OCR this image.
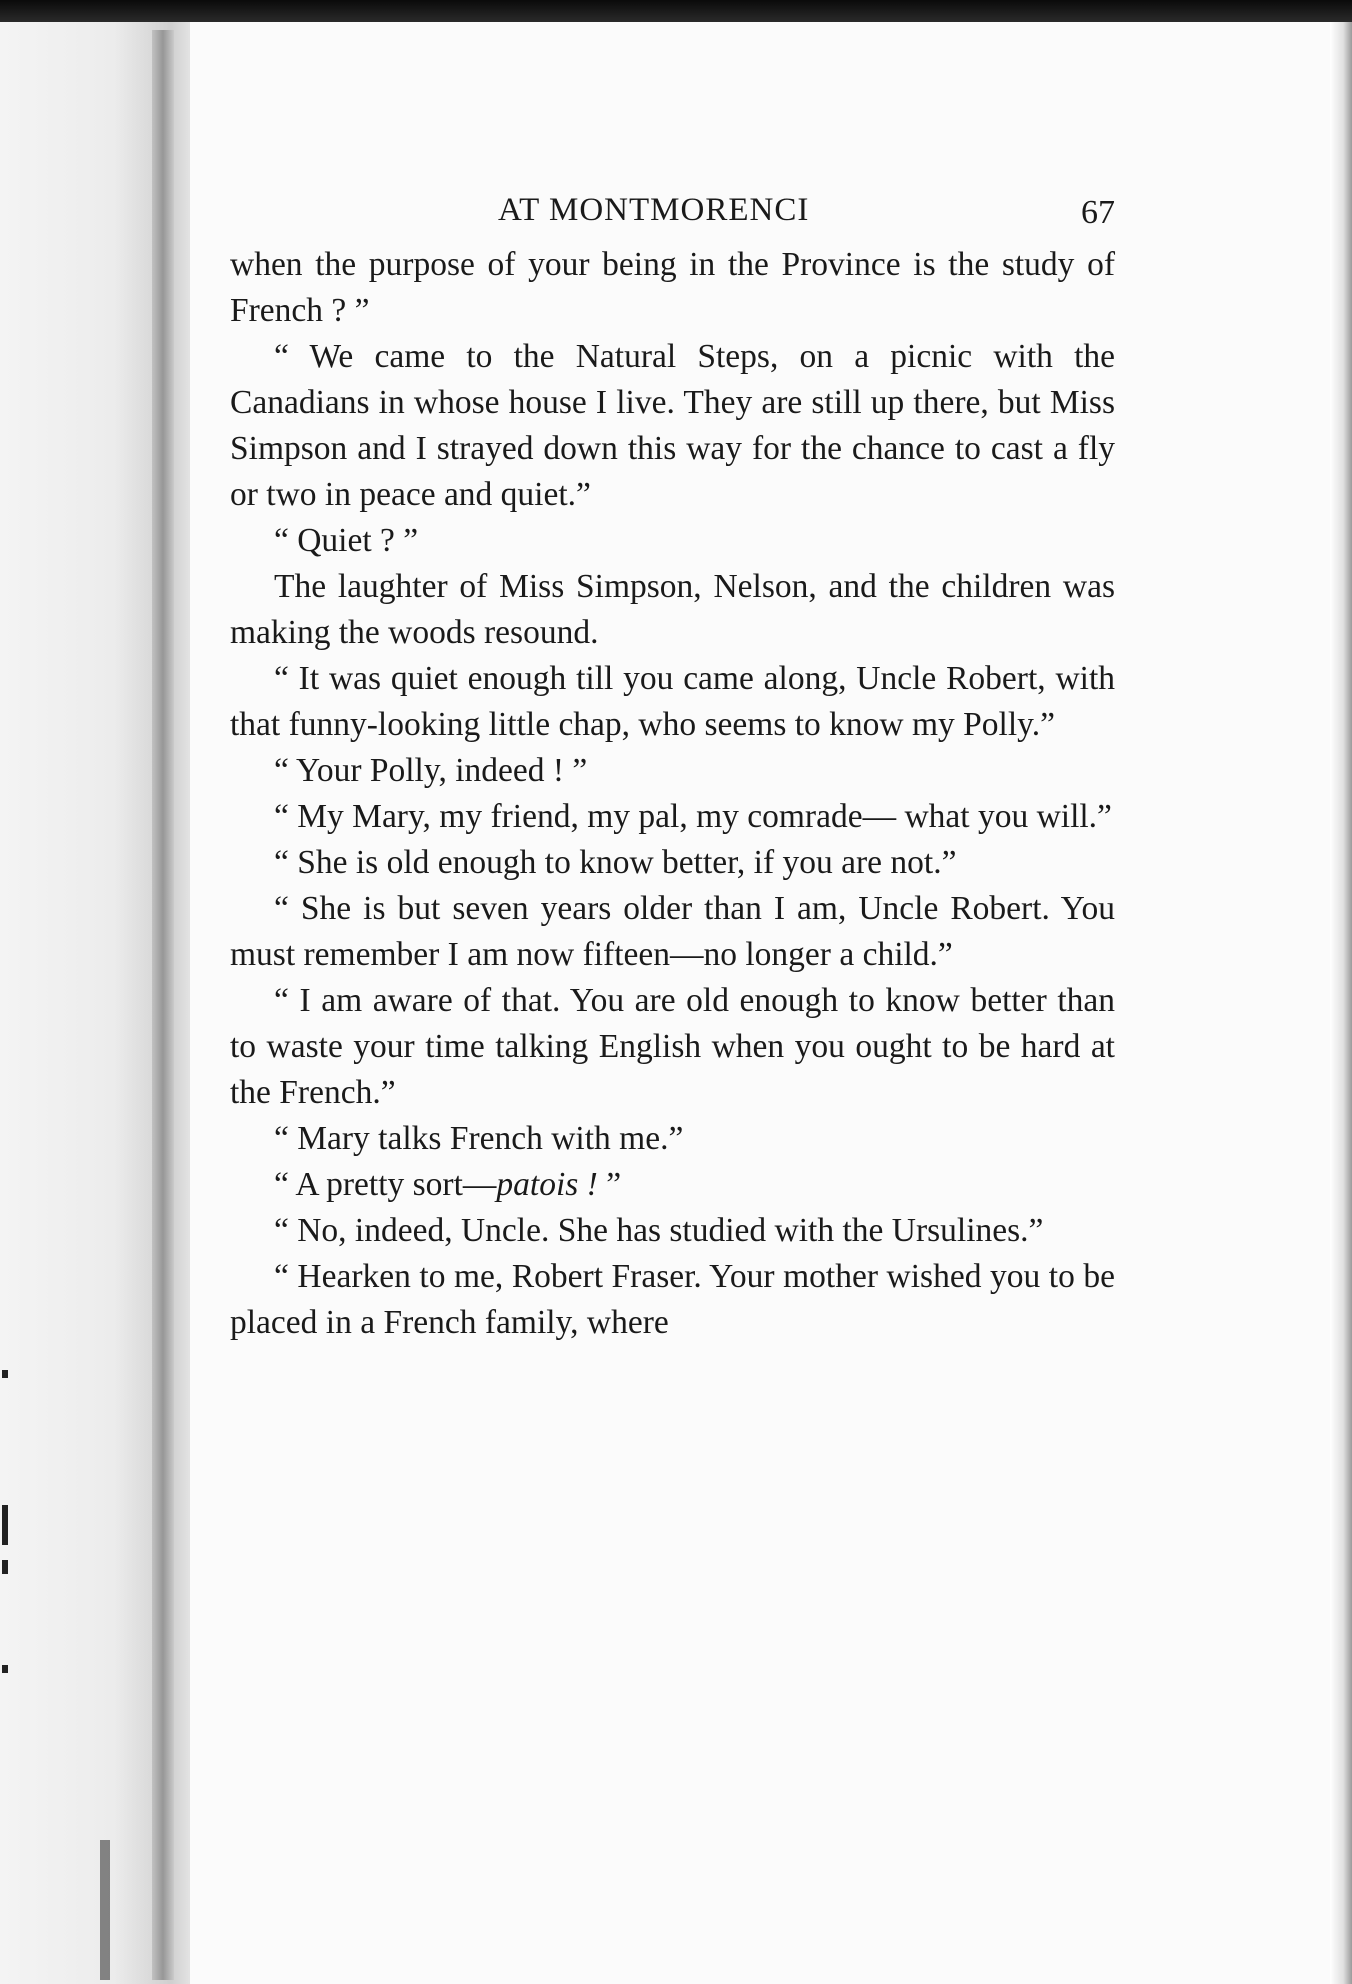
AT MONTMORENCI	67

when the purpose of your being in the Province is the study of French ? ”

“ We came to the Natural Steps, on a picnic with the Canadians in whose house I live. They are still up there, but Miss Simpson and I strayed down this way for the chance to cast a fly or two in peace and quiet.”

“ Quiet ? ”

The laughter of Miss Simpson, Nelson, and the children was making the woods resound.

“ It was quiet enough till you came along, Uncle Robert, with that funny-looking little chap, who seems to know my Polly.”

“ Your Polly, indeed ! ”

“ My Mary, my friend, my pal, my comrade— what you will.”

“ She is old enough to know better, if you are not.”

“ She is but seven years older than I am, Uncle Robert. You must remember I am now fifteen—no longer a child.”

“ I am aware of that. You are old enough to know better than to waste your time talking English when you ought to be hard at the French.”

“ Mary talks French with me.”

“ A pretty sort—patois ! ”

“ No, indeed, Uncle. She has studied with the Ursulines.”

“ Hearken to me, Robert Fraser. Your mother wished you to be placed in a French family, where
